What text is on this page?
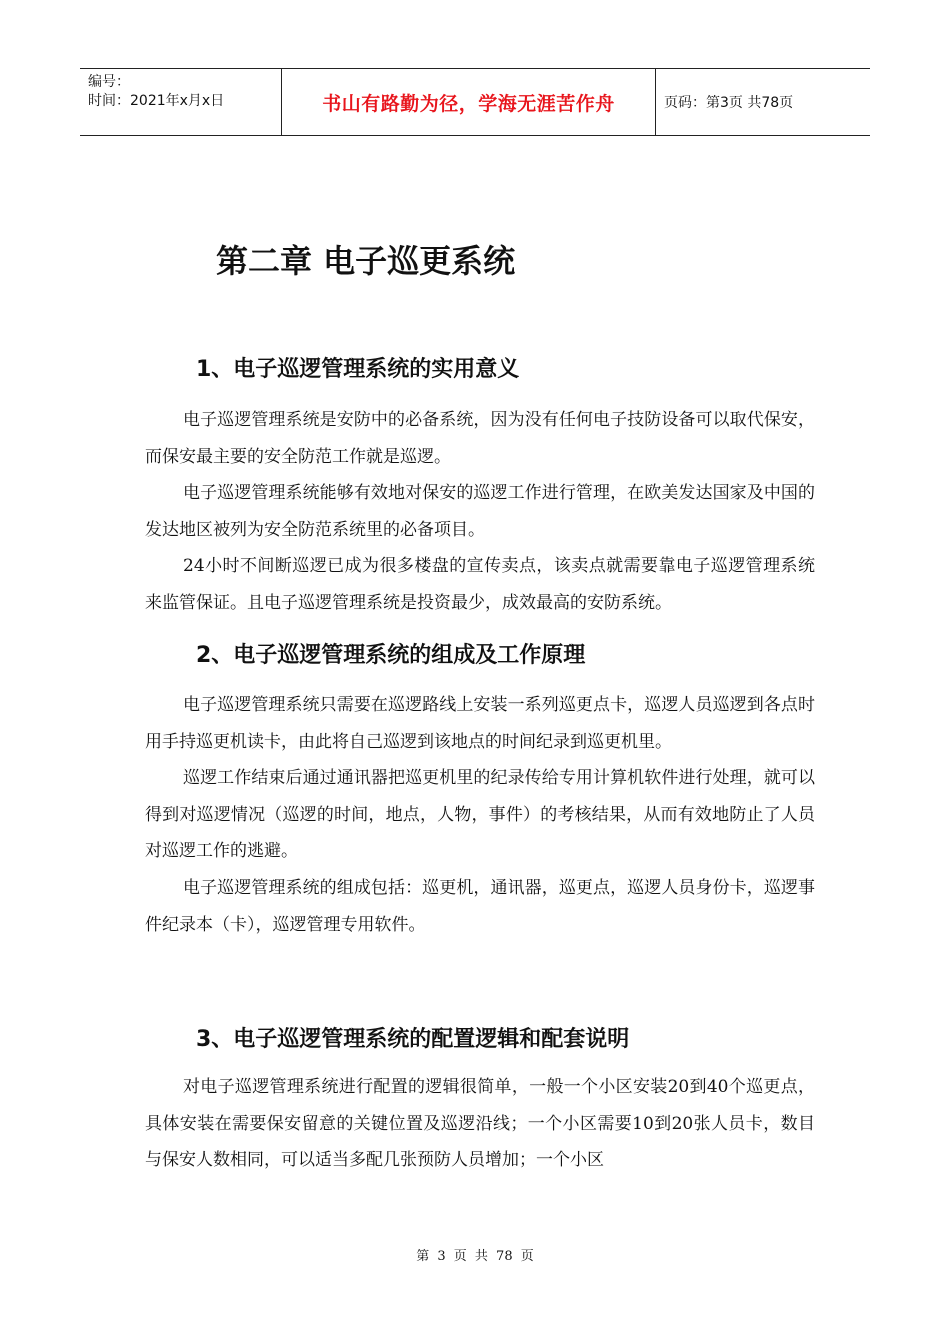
编号：
时间：2021年x月x日	书山有路勤为径，学海无涯苦作舟	页码：第3页 共78页
第二章 电子巡更系统
1、电子巡逻管理系统的实用意义

电子巡逻管理系统是安防中的必备系统，因为没有任何电子技防设备可以取代保安，而保安最主要的安全防范工作就是巡逻。

电子巡逻管理系统能够有效地对保安的巡逻工作进行管理，在欧美发达国家及中国的发达地区被列为安全防范系统里的必备项目。

24小时不间断巡逻已成为很多楼盘的宣传卖点，该卖点就需要靠电子巡逻管理系统来监管保证。且电子巡逻管理系统是投资最少，成效最高的安防系统。

2、电子巡逻管理系统的组成及工作原理

电子巡逻管理系统只需要在巡逻路线上安装一系列巡更点卡，巡逻人员巡逻到各点时用手持巡更机读卡，由此将自己巡逻到该地点的时间纪录到巡更机里。

巡逻工作结束后通过通讯器把巡更机里的纪录传给专用计算机软件进行处理，就可以得到对巡逻情况（巡逻的时间，地点，人物，事件）的考核结果，从而有效地防止了人员对巡逻工作的逃避。

电子巡逻管理系统的组成包括：巡更机，通讯器，巡更点，巡逻人员身份卡，巡逻事件纪录本（卡），巡逻管理专用软件。

3、电子巡逻管理系统的配置逻辑和配套说明

对电子巡逻管理系统进行配置的逻辑很简单，一般一个小区安装20到40个巡更点，具体安装在需要保安留意的关键位置及巡逻沿线；一个小区需要10到20张人员卡，数目与保安人数相同，可以适当多配几张预防人员增加；一个小区

第 3 页 共 78 页
